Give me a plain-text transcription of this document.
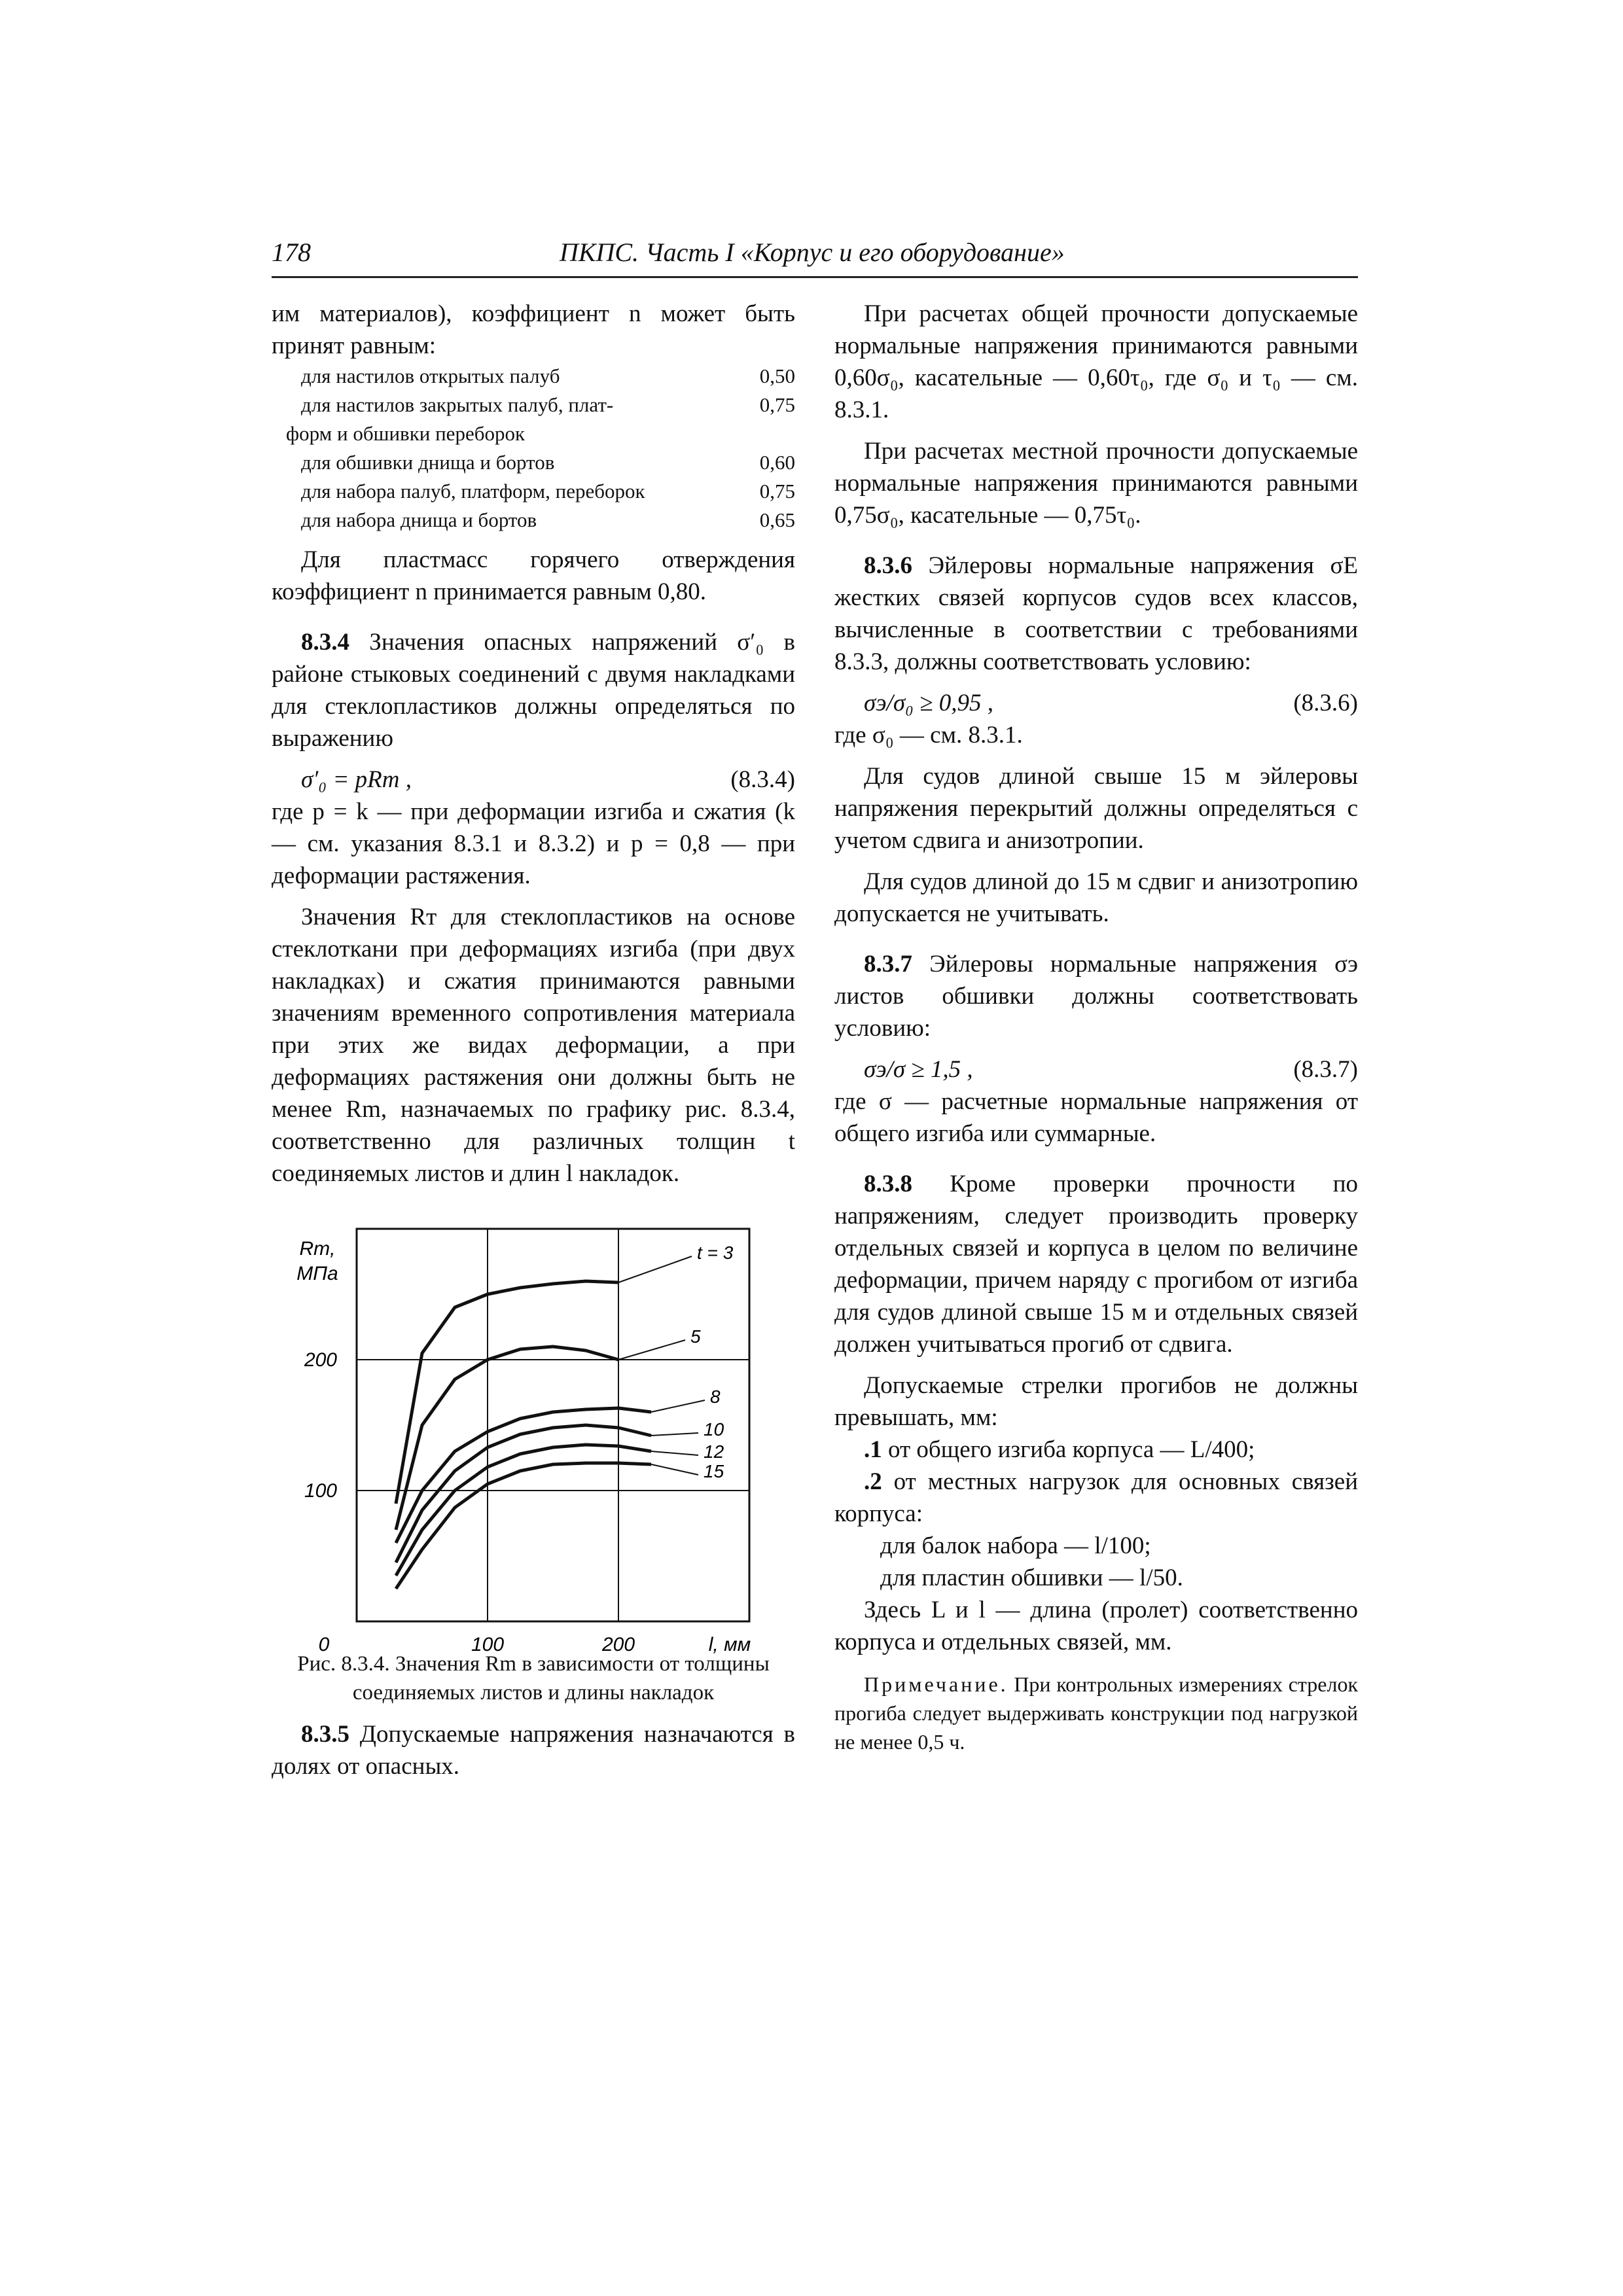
178	ПКПС. Часть I «Корпус и его оборудование»

им материалов), коэффициент n может быть принят равным:

для настилов открытых палуб	0,50
для настилов закрытых палуб, плат-	0,75
форм и обшивки переборок
для обшивки днища и бортов	0,60
для набора палуб, платформ, переборок	0,75
для набора днища и бортов	0,65

Для пластмасс горячего отверждения коэффициент n принимается равным 0,80.

8.3.4 Значения опасных напряжений σ′₀ в районе стыковых соединений с двумя накладками для стеклопластиков должны определяться по выражению

σ′₀ = pRт ,	(8.3.4)

где p = k — при деформации изгиба и сжатия (k — см. указания 8.3.1 и 8.3.2) и p = 0,8 — при деформации растяжения.

Значения Rт для стеклопластиков на основе стеклоткани при деформациях изгиба (при двух накладках) и сжатия принимаются равными значениям временного сопротивления материала при этих же видах деформации, а при деформациях растяжения они должны быть не менее Rm, назначаемых по графику рис. 8.3.4, соответственно для различных толщин t соединяемых листов и длин l накладок.

Rm,
МПа
100
200
0	100	200	l, мм
t = 3
5
8
10
12
15
Рис. 8.3.4. Значения Rm в зависимости от толщины соединяемых листов и длины накладок

8.3.5 Допускаемые напряжения назначаются в долях от опасных.

При расчетах общей прочности допускаемые нормальные напряжения принимаются равными 0,60σ₀, касательные — 0,60τ₀, где σ₀ и τ₀ — см. 8.3.1.

При расчетах местной прочности допускаемые нормальные напряжения принимаются равными 0,75σ₀, касательные — 0,75τ₀.

8.3.6 Эйлеровы нормальные напряжения σE жестких связей корпусов судов всех классов, вычисленные в соответствии с требованиями 8.3.3, должны соответствовать условию:

σэ/σ₀ ≥ 0,95 ,	(8.3.6)

где σ₀ — см. 8.3.1.

Для судов длиной свыше 15 м эйлеровы напряжения перекрытий должны определяться с учетом сдвига и анизотропии.

Для судов длиной до 15 м сдвиг и анизотропию допускается не учитывать.

8.3.7 Эйлеровы нормальные напряжения σэ листов обшивки должны соответствовать условию:

σэ/σ ≥ 1,5 ,	(8.3.7)

где σ — расчетные нормальные напряжения от общего изгиба или суммарные.

8.3.8 Кроме проверки прочности по напряжениям, следует производить проверку отдельных связей и корпуса в целом по величине деформации, причем наряду с прогибом от изгиба для судов длиной свыше 15 м и отдельных связей должен учитываться прогиб от сдвига.

Допускаемые стрелки прогибов не должны превышать, мм:

.1 от общего изгиба корпуса — L/400;

.2 от местных нагрузок для основных связей корпуса:

для балок набора — l/100;

для пластин обшивки — l/50.

Здесь L и l — длина (пролет) соответственно корпуса и отдельных связей, мм.

Примечание. При контрольных измерениях стрелок прогиба следует выдерживать конструкции под нагрузкой не менее 0,5 ч.
